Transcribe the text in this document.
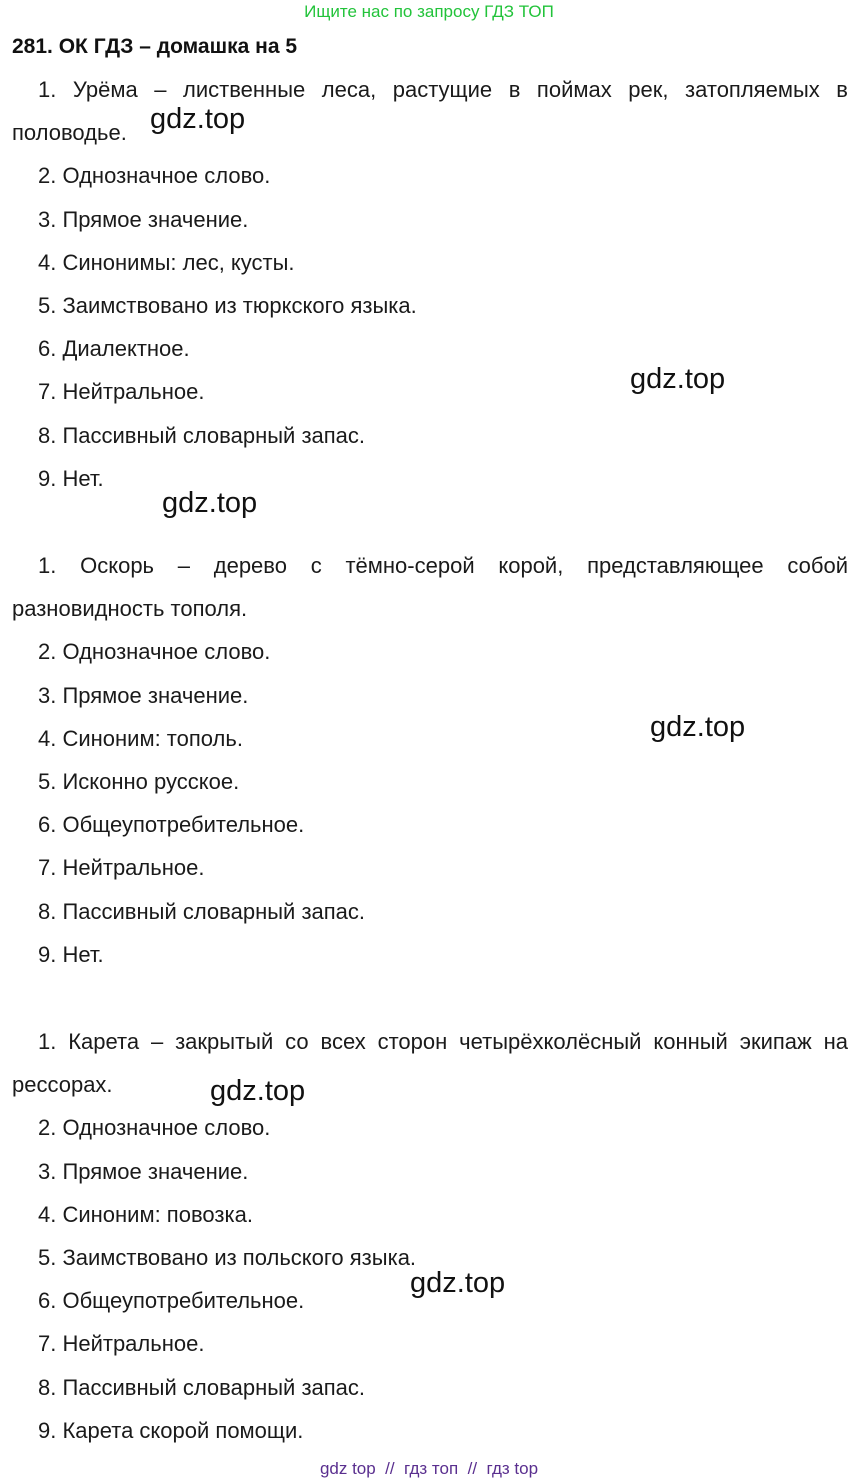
Ищите нас по запросу ГДЗ ТОП
281. ОК ГДЗ – домашка на 5

1. Урёма – лиственные леса, растущие в поймах рек, затопляемых в половодье.

2. Однозначное слово.

3. Прямое значение.

4. Синонимы: лес, кусты.

5. Заимствовано из тюркского языка.

6. Диалектное.

7. Нейтральное.

8. Пассивный словарный запас.

9. Нет.

1. Оскорь – дерево с тёмно-серой корой, представляющее собой разновидность тополя.

2. Однозначное слово.

3. Прямое значение.

4. Синоним: тополь.

5. Исконно русское.

6. Общеупотребительное.

7. Нейтральное.

8. Пассивный словарный запас.

9. Нет.

1. Карета – закрытый со всех сторон четырёхколёсный конный экипаж на рессорах.

2. Однозначное слово.

3. Прямое значение.

4. Синоним: повозка.

5. Заимствовано из польского языка.

6. Общеупотребительное.

7. Нейтральное.

8. Пассивный словарный запас.

9. Карета скорой помощи.

gdz.top
gdz.top
gdz.top
gdz.top
gdz.top
gdz.top
gdz top  //  гдз топ  //  гдз top
